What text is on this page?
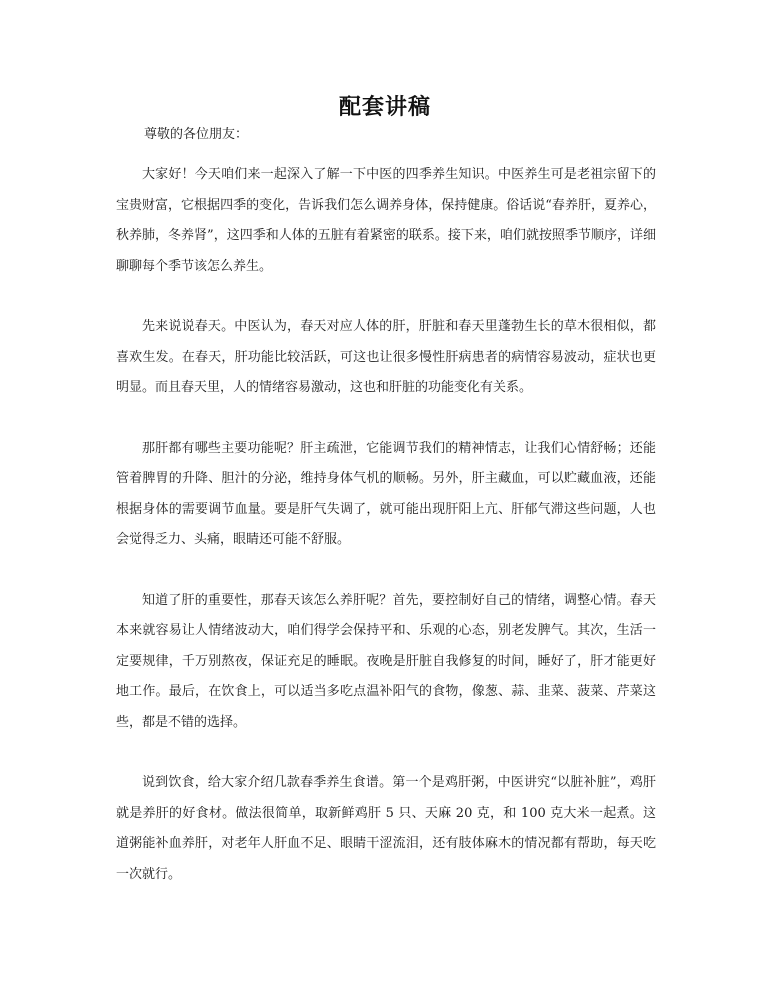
配套讲稿
尊敬的各位朋友：

大家好！今天咱们来一起深入了解一下中医的四季养生知识。中医养生可是老祖宗留下的宝贵财富，它根据四季的变化，告诉我们怎么调养身体，保持健康。俗话说“春养肝，夏养心，秋养肺，冬养肾”，这四季和人体的五脏有着紧密的联系。接下来，咱们就按照季节顺序，详细聊聊每个季节该怎么养生。

先来说说春天。中医认为，春天对应人体的肝，肝脏和春天里蓬勃生长的草木很相似，都喜欢生发。在春天，肝功能比较活跃，可这也让很多慢性肝病患者的病情容易波动，症状也更明显。而且春天里，人的情绪容易激动，这也和肝脏的功能变化有关系。

那肝都有哪些主要功能呢？肝主疏泄，它能调节我们的精神情志，让我们心情舒畅；还能管着脾胃的升降、胆汁的分泌，维持身体气机的顺畅。另外，肝主藏血，可以贮藏血液，还能根据身体的需要调节血量。要是肝气失调了，就可能出现肝阳上亢、肝郁气滞这些问题，人也会觉得乏力、头痛，眼睛还可能不舒服。

知道了肝的重要性，那春天该怎么养肝呢？首先，要控制好自己的情绪，调整心情。春天本来就容易让人情绪波动大，咱们得学会保持平和、乐观的心态，别老发脾气。其次，生活一定要规律，千万别熬夜，保证充足的睡眠。夜晚是肝脏自我修复的时间，睡好了，肝才能更好地工作。最后，在饮食上，可以适当多吃点温补阳气的食物，像葱、蒜、韭菜、菠菜、芹菜这些，都是不错的选择。

说到饮食，给大家介绍几款春季养生食谱。第一个是鸡肝粥，中医讲究“以脏补脏”，鸡肝就是养肝的好食材。做法很简单，取新鲜鸡肝 5 只、天麻 20 克，和 100 克大米一起煮。这道粥能补血养肝，对老年人肝血不足、眼睛干涩流泪，还有肢体麻木的情况都有帮助，每天吃一次就行。
